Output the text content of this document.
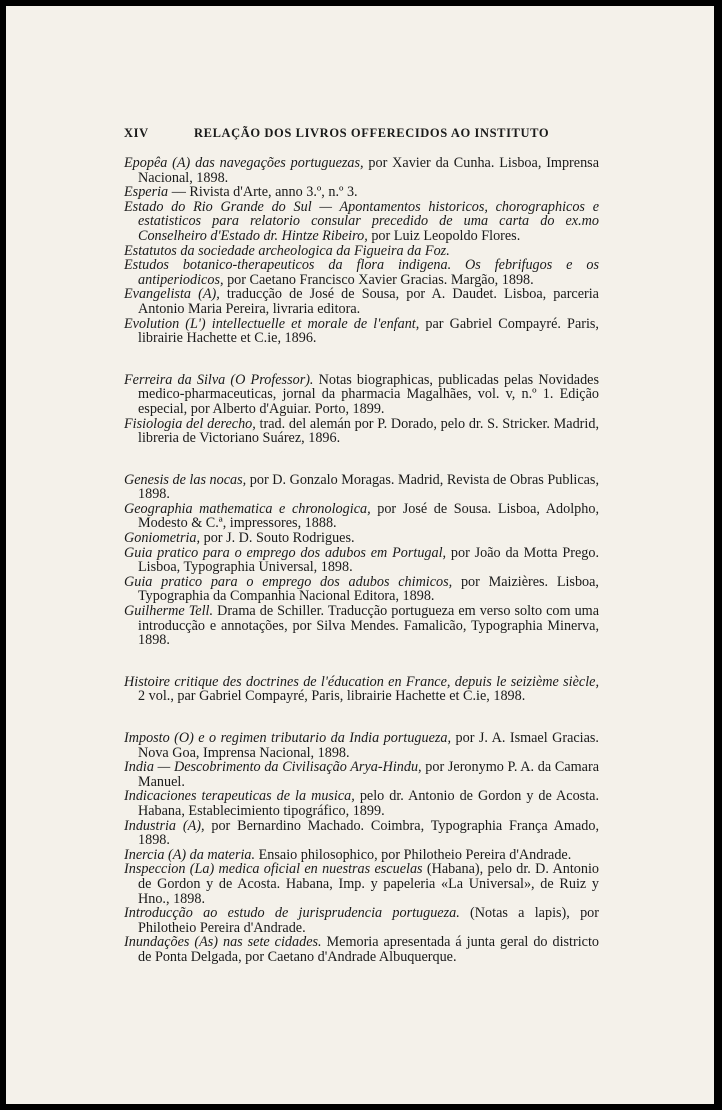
XIV	RELAÇÃO DOS LIVROS OFFERECIDOS AO INSTITUTO
Epopêa (A) das navegações portuguezas, por Xavier da Cunha. Lisboa, Imprensa Nacional, 1898.
Esperia — Rivista d'Arte, anno 3.º, n.º 3.
Estado do Rio Grande do Sul — Apontamentos historicos, chorographicos e estatisticos para relatorio consular precedido de uma carta do ex.mo Conselheiro d'Estado dr. Hintze Ribeiro, por Luiz Leopoldo Flores.
Estatutos da sociedade archeologica da Figueira da Foz.
Estudos botanico-therapeuticos da flora indigena. Os febrifugos e os antiperiodicos, por Caetano Francisco Xavier Gracias. Margão, 1898.
Evangelista (A), traducção de José de Sousa, por A. Daudet. Lisboa, parceria Antonio Maria Pereira, livraria editora.
Evolution (L') intellectuelle et morale de l'enfant, par Gabriel Compayré. Paris, librairie Hachette et C.ie, 1896.
Ferreira da Silva (O Professor). Notas biographicas, publicadas pelas Novidades medico-pharmaceuticas, jornal da pharmacia Magalhães, vol. v, n.º 1. Edição especial, por Alberto d'Aguiar. Porto, 1899.
Fisiologia del derecho, trad. del alemán por P. Dorado, pelo dr. S. Stricker. Madrid, libreria de Victoriano Suárez, 1896.
Genesis de las nocas, por D. Gonzalo Moragas. Madrid, Revista de Obras Publicas, 1898.
Geographia mathematica e chronologica, por José de Sousa. Lisboa, Adolpho, Modesto & C.ª, impressores, 1888.
Goniometria, por J. D. Souto Rodrigues.
Guia pratico para o emprego dos adubos em Portugal, por João da Motta Prego. Lisboa, Typographia Universal, 1898.
Guia pratico para o emprego dos adubos chimicos, por Maizières. Lisboa, Typographia da Companhia Nacional Editora, 1898.
Guilherme Tell. Drama de Schiller. Traducção portugueza em verso solto com uma introducção e annotações, por Silva Mendes. Famalicão, Typographia Minerva, 1898.
Histoire critique des doctrines de l'éducation en France, depuis le seizième siècle, 2 vol., par Gabriel Compayré, Paris, librairie Hachette et C.ie, 1898.
Imposto (O) e o regimen tributario da India portugueza, por J. A. Ismael Gracias. Nova Goa, Imprensa Nacional, 1898.
India — Descobrimento da Civilisação Arya-Hindu, por Jeronymo P. A. da Camara Manuel.
Indicaciones terapeuticas de la musica, pelo dr. Antonio de Gordon y de Acosta. Habana, Establecimiento tipográfico, 1899.
Industria (A), por Bernardino Machado. Coimbra, Typographia França Amado, 1898.
Inercia (A) da materia. Ensaio philosophico, por Philotheio Pereira d'Andrade.
Inspeccion (La) medica oficial en nuestras escuelas (Habana), pelo dr. D. Antonio de Gordon y de Acosta. Habana, Imp. y papeleria «La Universal», de Ruiz y Hno., 1898.
Introducção ao estudo de jurisprudencia portugueza. (Notas a lapis), por Philotheio Pereira d'Andrade.
Inundações (As) nas sete cidades. Memoria apresentada á junta geral do districto de Ponta Delgada, por Caetano d'Andrade Albuquerque.
